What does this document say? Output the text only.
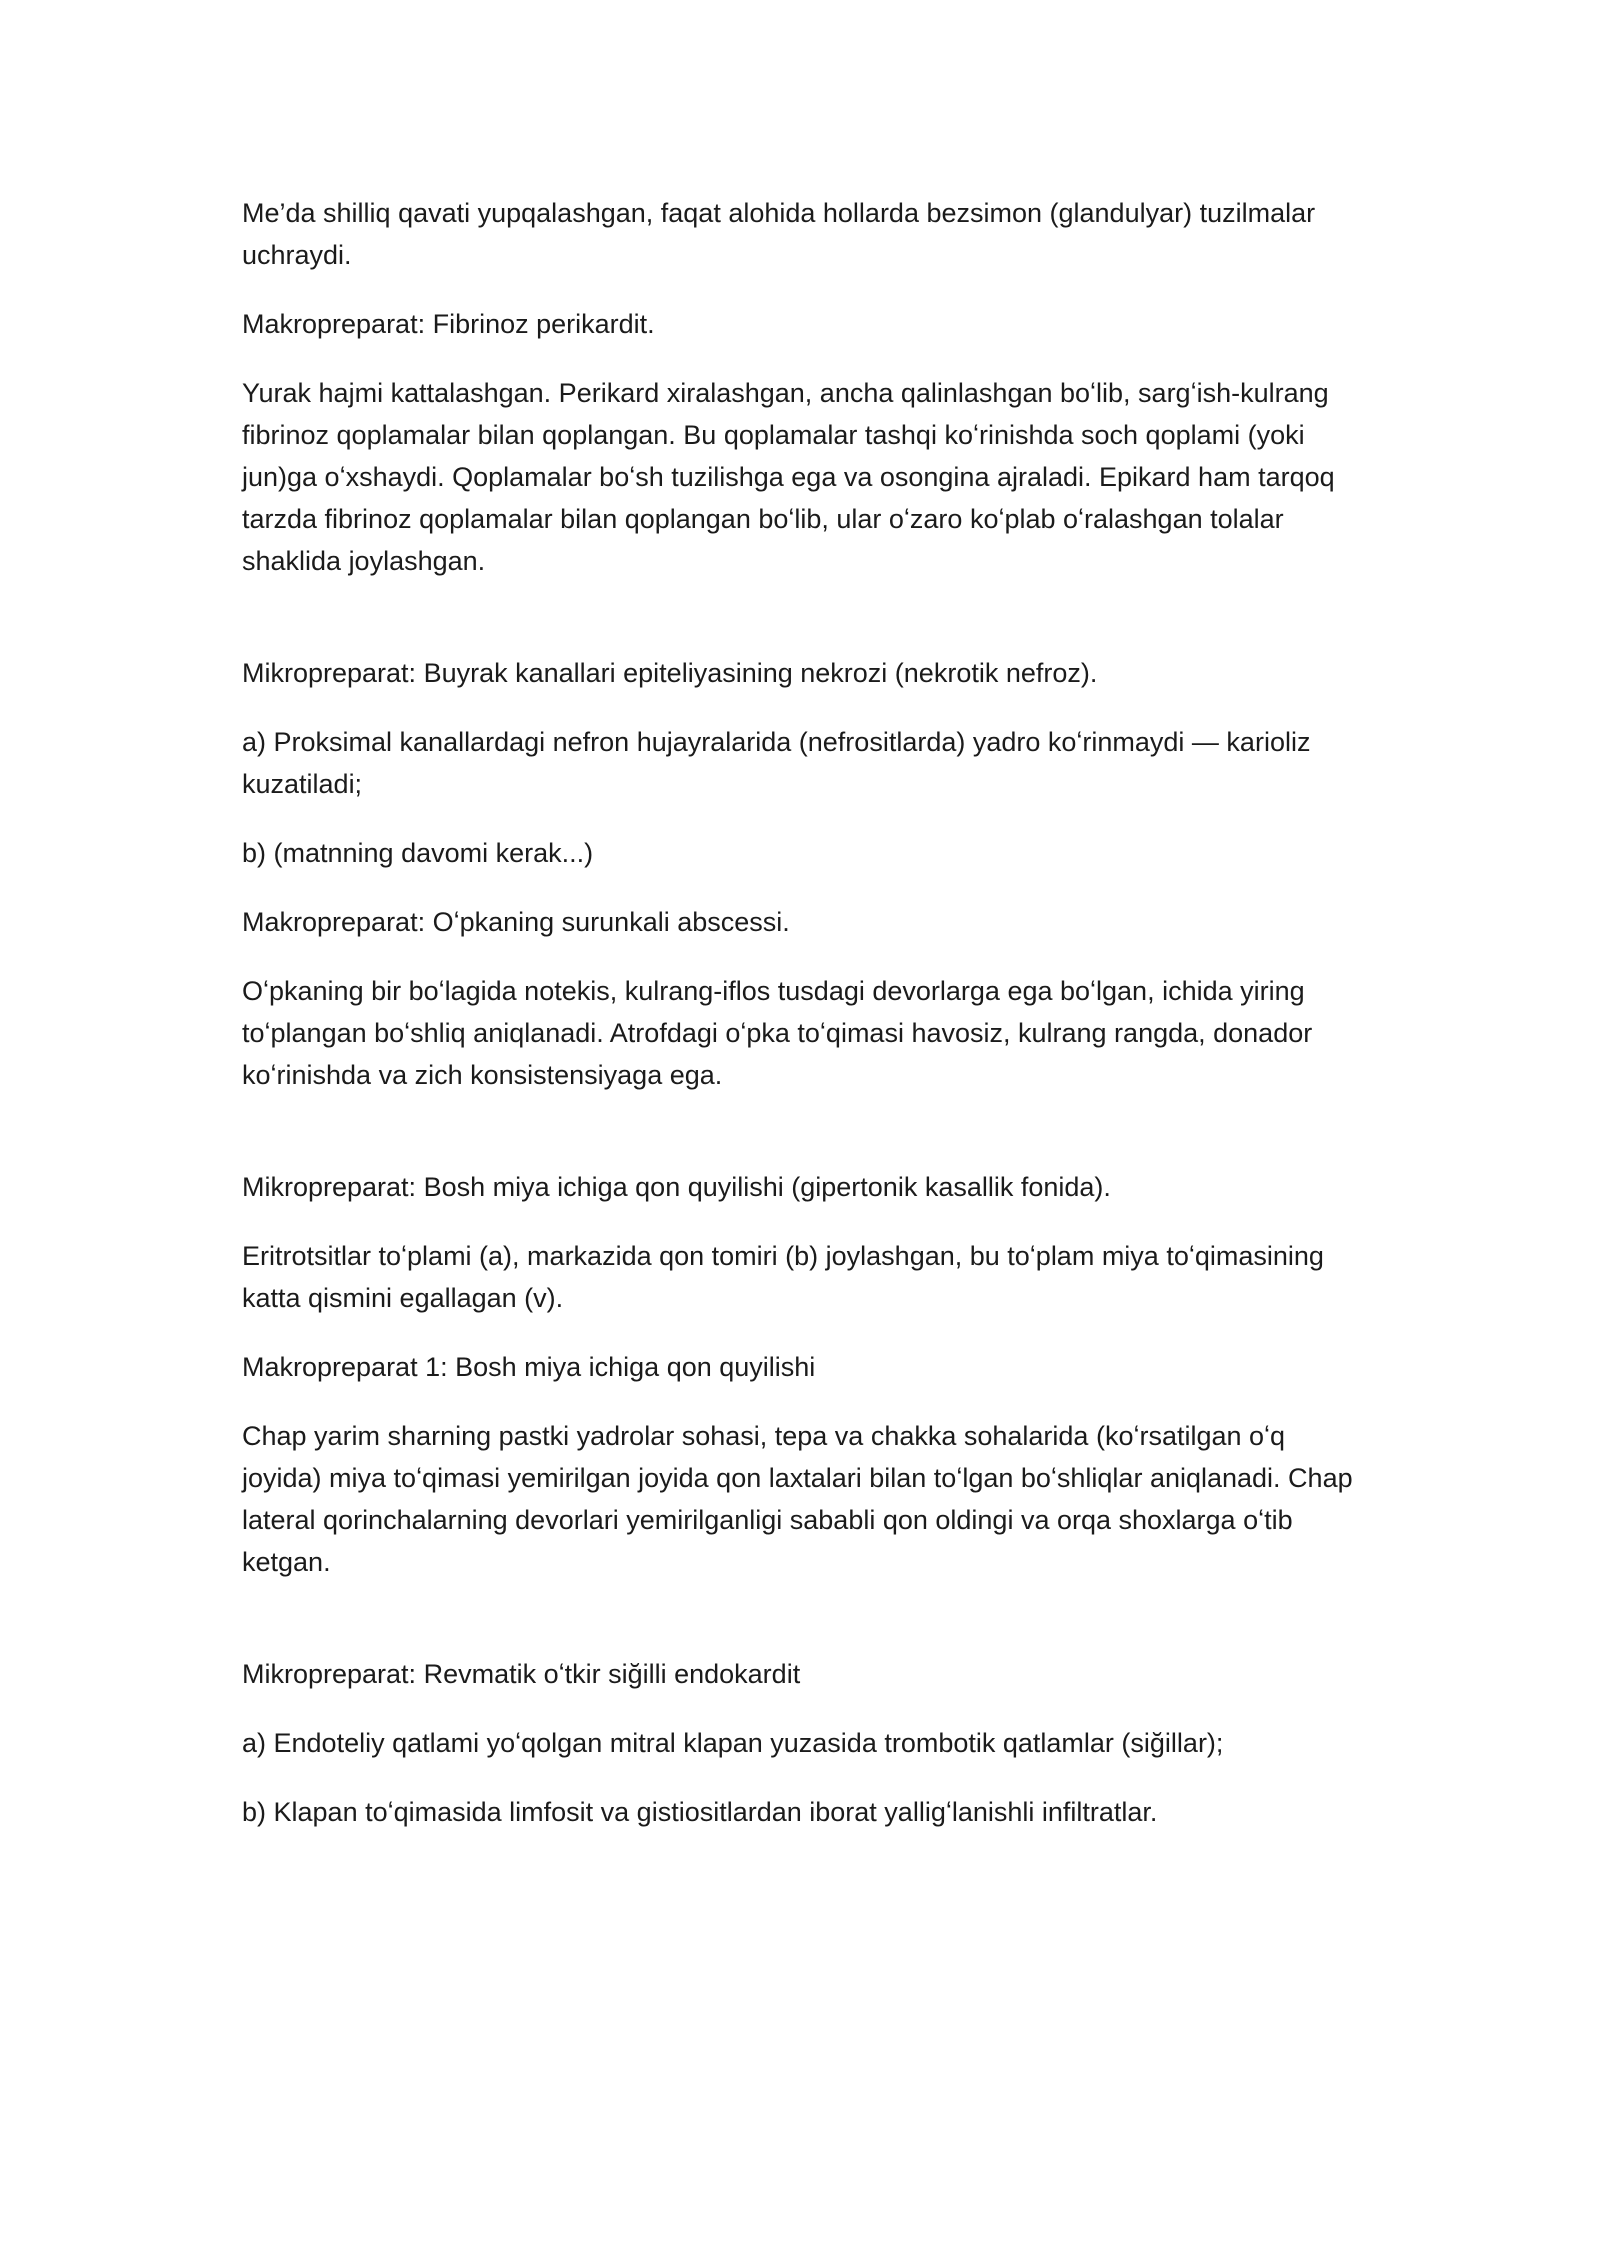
Me’da shilliq qavati yupqalashgan, faqat alohida hollarda bezsimon (glandulyar) tuzilmalar uchraydi.

Makropreparat: Fibrinoz perikardit.

Yurak hajmi kattalashgan. Perikard xiralashgan, ancha qalinlashgan boʻlib, sargʻish-kulrang fibrinoz qoplamalar bilan qoplangan. Bu qoplamalar tashqi koʻrinishda soch qoplami (yoki jun)ga oʻxshaydi. Qoplamalar boʻsh tuzilishga ega va osongina ajraladi. Epikard ham tarqoq tarzda fibrinoz qoplamalar bilan qoplangan boʻlib, ular oʻzaro koʻplab oʻralashgan tolalar shaklida joylashgan.

Mikropreparat: Buyrak kanallari epiteliyasining nekrozi (nekrotik nefroz).

a) Proksimal kanallardagi nefron hujayralarida (nefrositlarda) yadro koʻrinmaydi — karioliz kuzatiladi;

b) (matnning davomi kerak...)

Makropreparat: Oʻpkaning surunkali abscessi.

Oʻpkaning bir boʻlagida notekis, kulrang-iflos tusdagi devorlarga ega boʻlgan, ichida yiring toʻplangan boʻshliq aniqlanadi. Atrofdagi oʻpka toʻqimasi havosiz, kulrang rangda, donador koʻrinishda va zich konsistensiyaga ega.

Mikropreparat: Bosh miya ichiga qon quyilishi (gipertonik kasallik fonida).

Eritrotsitlar toʻplami (a), markazida qon tomiri (b) joylashgan, bu toʻplam miya toʻqimasining katta qismini egallagan (v).

Makropreparat 1: Bosh miya ichiga qon quyilishi

Chap yarim sharning pastki yadrolar sohasi, tepa va chakka sohalarida (koʻrsatilgan oʻq joyida) miya toʻqimasi yemirilgan joyida qon laxtalari bilan toʻlgan boʻshliqlar aniqlanadi. Chap lateral qorinchalarning devorlari yemirilganligi sababli qon oldingi va orqa shoxlarga oʻtib ketgan.

Mikropreparat: Revmatik oʻtkir siğilli endokardit

a) Endoteliy qatlami yoʻqolgan mitral klapan yuzasida trombotik qatlamlar (siğillar);

b) Klapan toʻqimasida limfosit va gistiositlardan iborat yalligʻlanishli infiltratlar.
